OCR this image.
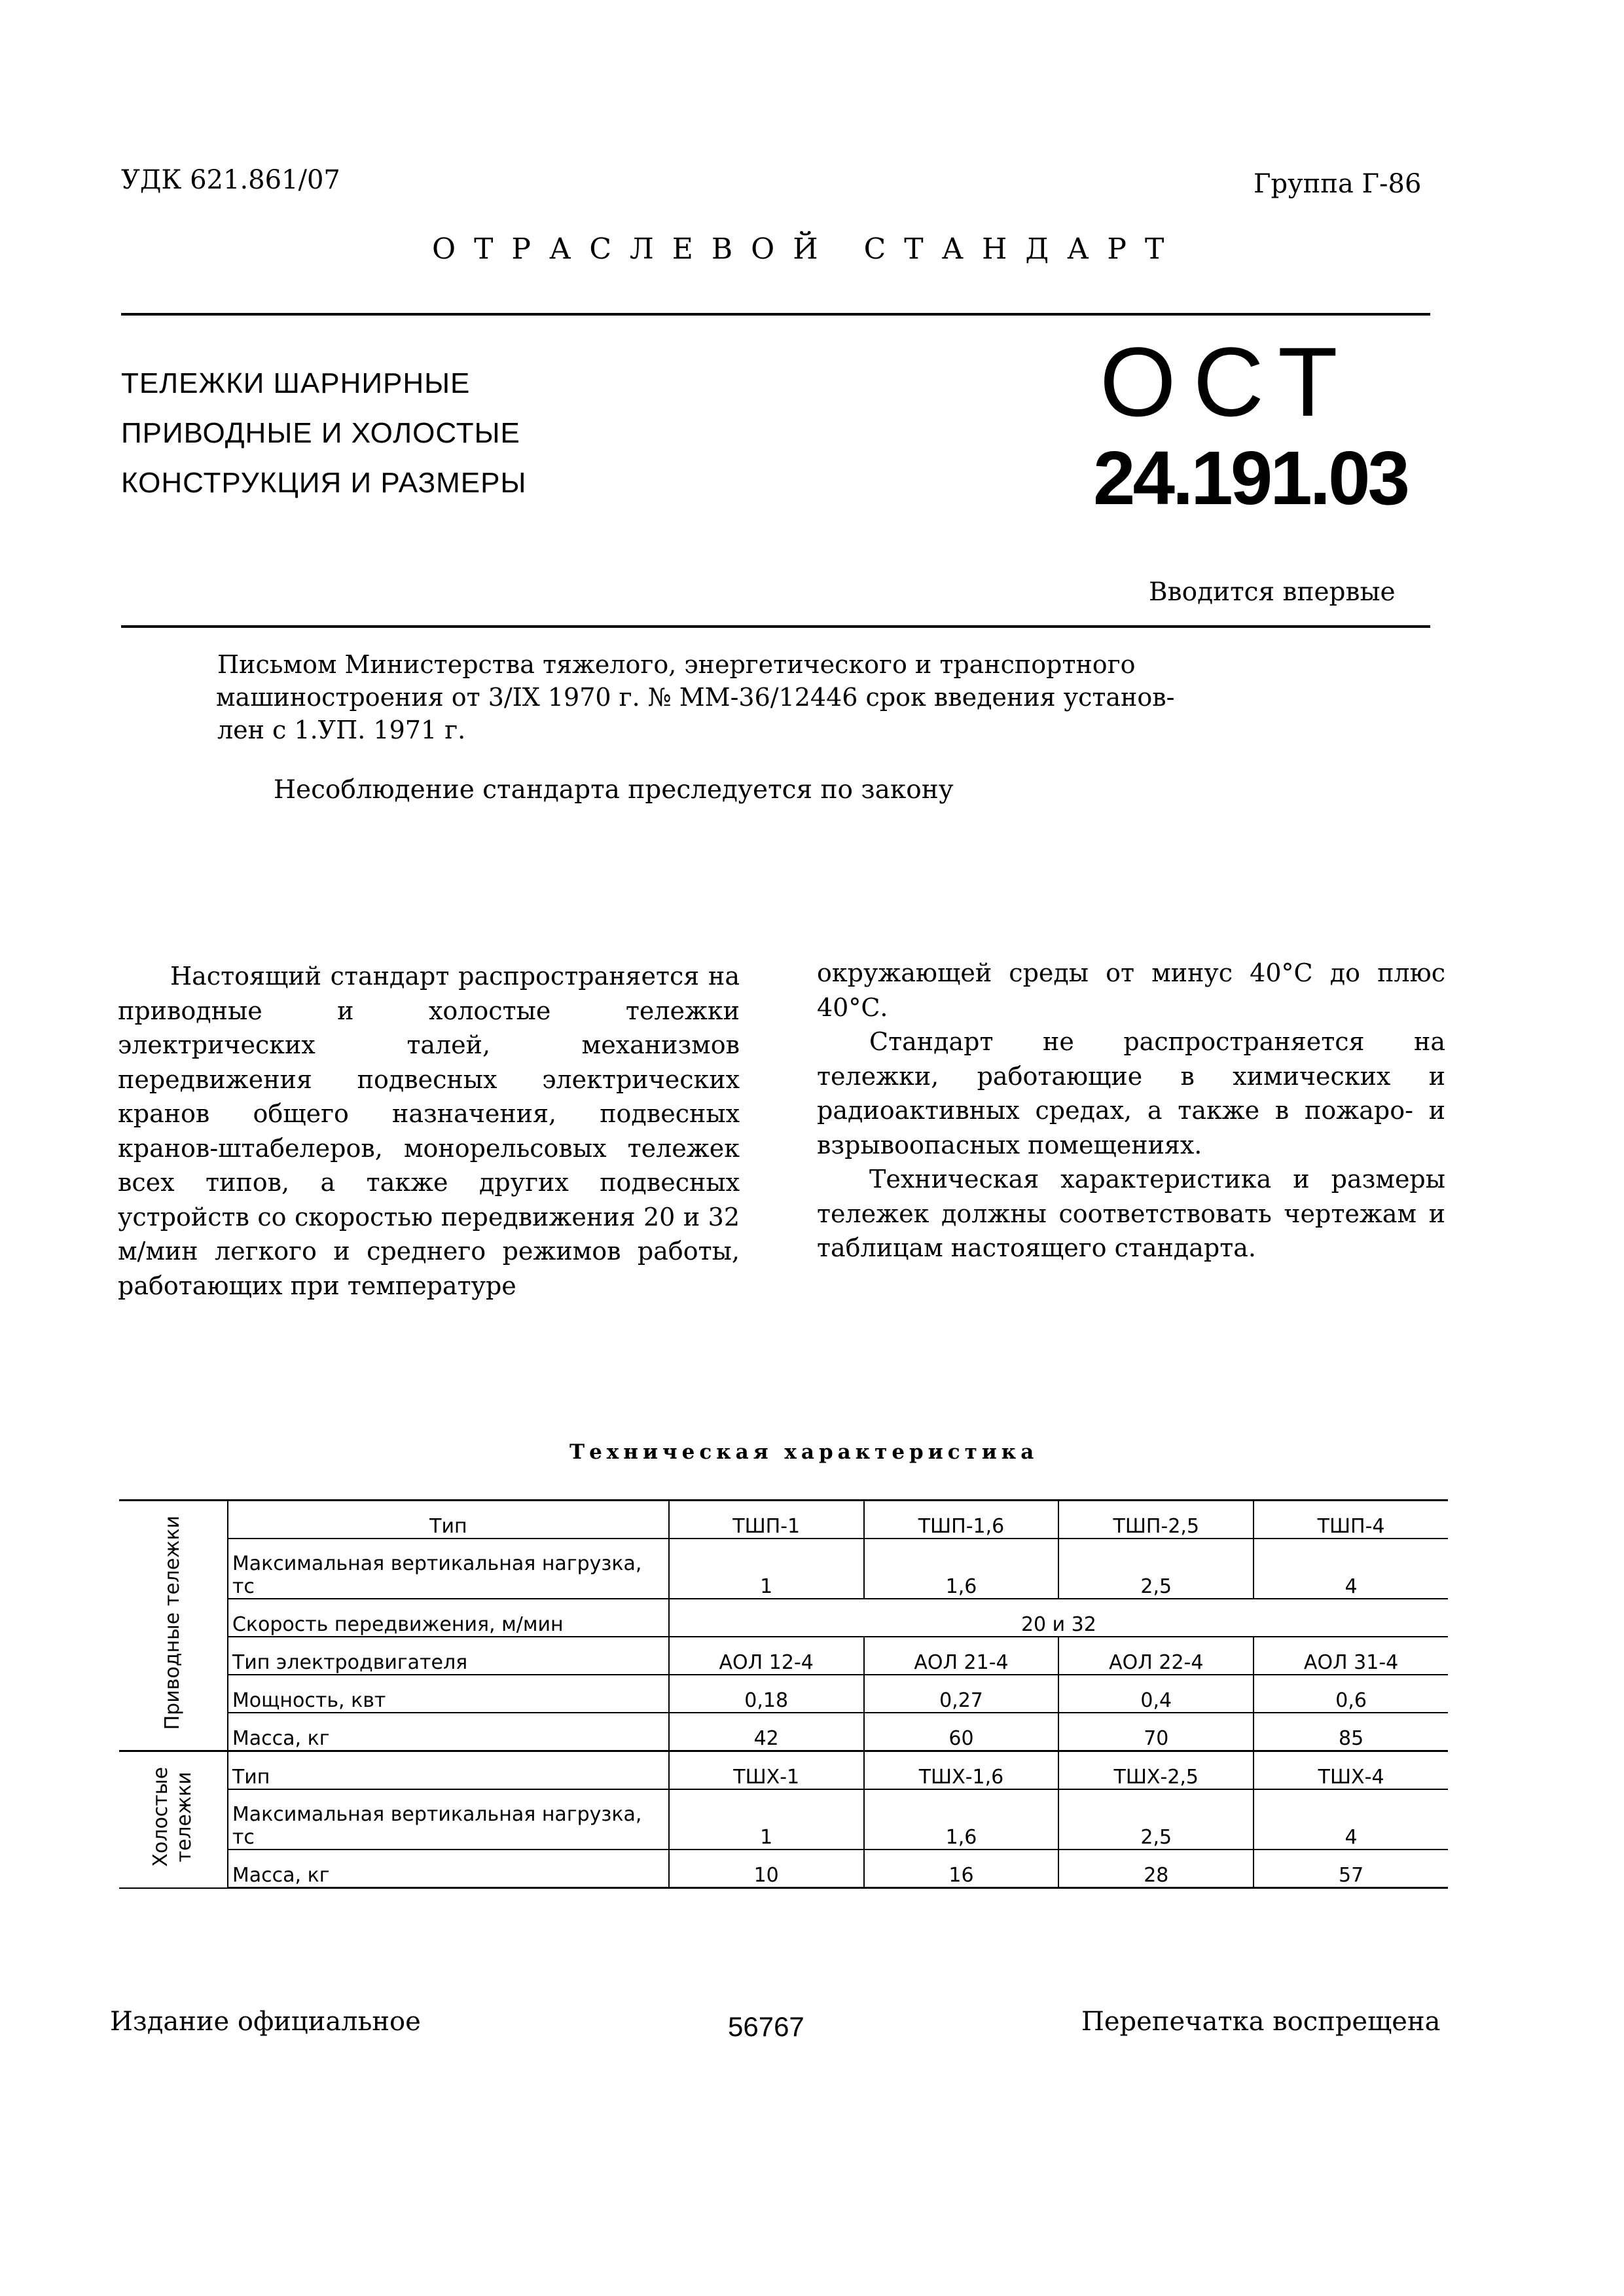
УДК 621.861/07	Группа Г-86
ОТРАСЛЕВОЙ СТАНДАРТ
ТЕЛЕЖКИ ШАРНИРНЫЕ
ПРИВОДНЫЕ И ХОЛОСТЫЕ
КОНСТРУКЦИЯ И РАЗМЕРЫ
ОСТ
24.191.03
Вводится впервые
Письмом Министерства тяжелого, энергетического и транспортного
машиностроения от 3/IX 1970 г. № ММ-36/12446 срок введения установ-
лен с 1.УП. 1971 г.
Несоблюдение стандарта преследуется по закону
Настоящий стандарт распространяется на приводные и холостые тележки электрических талей, механизмов передвижения подвесных электрических кранов общего назначения, подвесных кранов-штабелеров, монорельсовых тележек всех типов, а также других подвесных устройств со скоростью передвижения 20 и 32 м/мин легкого и среднего режимов работы, работающих при температуре

окружающей среды от минус 40°С до плюс 40°С.

Стандарт не распространяется на тележки, работающие в химических и радиоактивных средах, а также в пожаро- и взрывоопасных помещениях.

Техническая характеристика и размеры тележек должны соответствовать чертежам и таблицам настоящего стандарта.

Техническая характеристика
Приводные тележки	Тип	ТШП-1	ТШП-1,6	ТШП-2,5	ТШП-4
	Максимальная вертикальная нагрузка, тс	1	1,6	2,5	4
	Скорость передвижения, м/мин	20 и 32			
	Тип электродвигателя	АОЛ 12-4	АОЛ 21-4	АОЛ 22-4	АОЛ 31-4
	Мощность, квт	0,18	0,27	0,4	0,6
	Масса, кг	42	60	70	85
Холостые тележки	Тип	ТШХ-1	ТШХ-1,6	ТШХ-2,5	ТШХ-4
	Максимальная вертикальная нагрузка, тс	1	1,6	2,5	4
	Масса, кг	10	16	28	57
Издание официальное	56767	Перепечатка воспрещена
